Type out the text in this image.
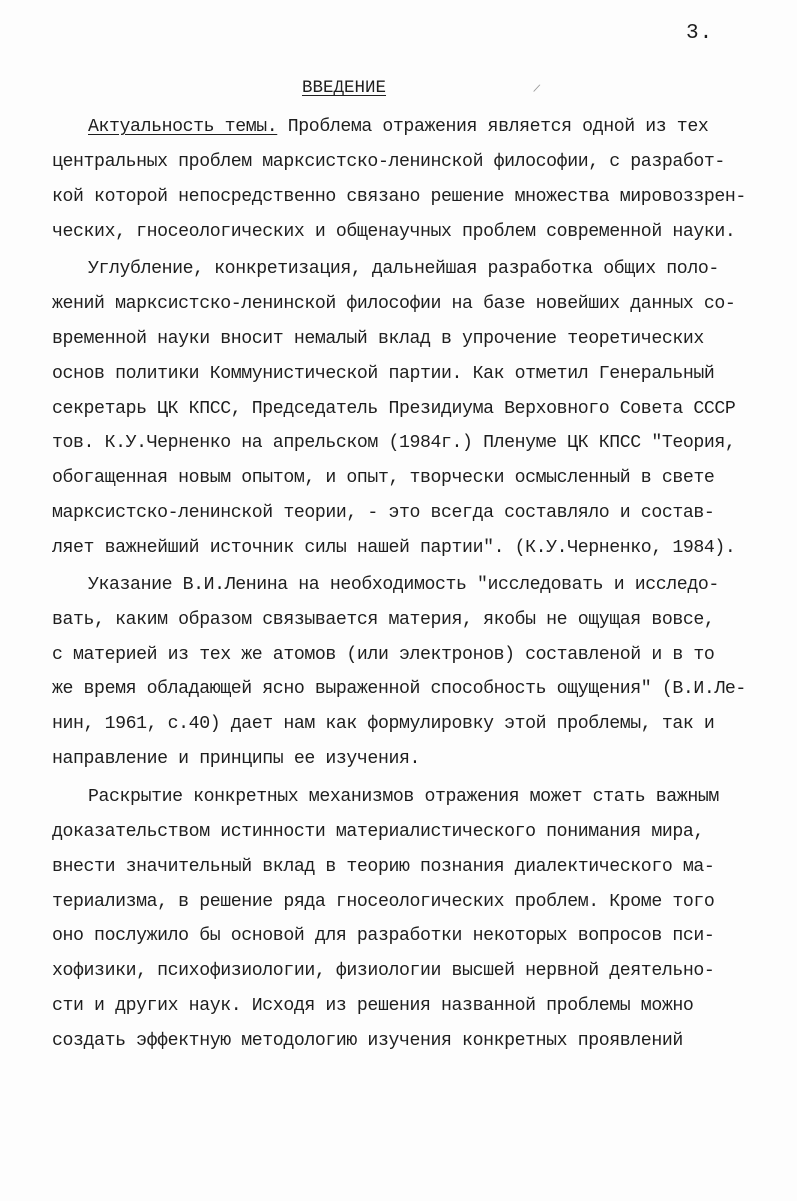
3.
/
ВВЕДЕНИЕ
Актуальность темы. Проблема отражения является одной из тех
центральных проблем марксистско-ленинской философии, с разработ-
кой которой непосредственно связано решение множества мировоззрен-
ческих, гносеологических и общенаучных проблем современной науки.
Углубление, конкретизация, дальнейшая разработка общих поло-
жений марксистско-ленинской философии на базе новейших данных со-
временной науки вносит немалый вклад в упрочение теоретических
основ политики Коммунистической партии. Как отметил Генеральный
секретарь ЦК КПСС, Председатель Президиума Верховного Совета СССР
тов. К.У.Черненко на апрельском (1984г.) Пленуме ЦК КПСС "Теория,
обогащенная новым опытом, и опыт, творчески осмысленный в свете
марксистско-ленинской теории, - это всегда составляло и состав-
ляет важнейший источник силы нашей партии". (К.У.Черненко, 1984).
Указание В.И.Ленина на необходимость "исследовать и исследо-
вать, каким образом связывается материя, якобы не ощущая вовсе,
с материей из тех же атомов (или электронов) составленой и в то
же время обладающей ясно выраженной способность ощущения" (В.И.Ле-
нин, 1961, с.40) дает нам как формулировку этой проблемы, так и
направление и принципы ее изучения.
Раскрытие конкретных механизмов отражения может стать важным
доказательством истинности материалистического понимания мира,
внести значительный вклад в теорию познания диалектического ма-
териализма, в решение ряда гносеологических проблем. Кроме того
оно послужило бы основой для разработки некоторых вопросов пси-
хофизики, психофизиологии, физиологии высшей нервной деятельно-
сти и других наук. Исходя из решения названной проблемы можно
создать эффектную методологию изучения конкретных проявлений
